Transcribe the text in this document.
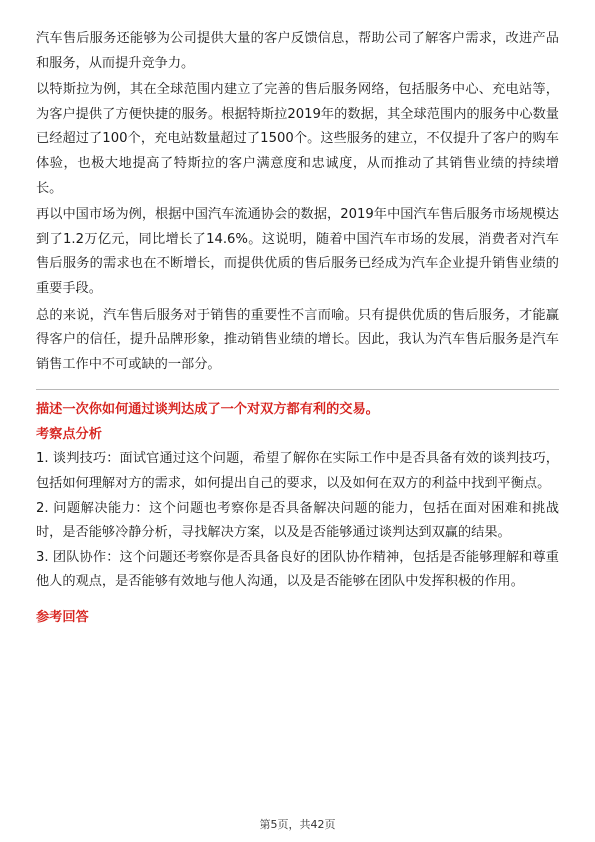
汽车售后服务还能够为公司提供大量的客户反馈信息，帮助公司了解客户需求，改进产品和服务，从而提升竞争力。

以特斯拉为例，其在全球范围内建立了完善的售后服务网络，包括服务中心、充电站等，为客户提供了方便快捷的服务。根据特斯拉2019年的数据，其全球范围内的服务中心数量已经超过了100个，充电站数量超过了1500个。这些服务的建立，不仅提升了客户的购车体验，也极大地提高了特斯拉的客户满意度和忠诚度，从而推动了其销售业绩的持续增长。

再以中国市场为例，根据中国汽车流通协会的数据，2019年中国汽车售后服务市场规模达到了1.2万亿元，同比增长了14.6%。这说明，随着中国汽车市场的发展，消费者对汽车售后服务的需求也在不断增长，而提供优质的售后服务已经成为汽车企业提升销售业绩的重要手段。

总的来说，汽车售后服务对于销售的重要性不言而喻。只有提供优质的售后服务，才能赢得客户的信任，提升品牌形象，推动销售业绩的增长。因此，我认为汽车售后服务是汽车销售工作中不可或缺的一部分。

描述一次你如何通过谈判达成了一个对双方都有利的交易。

考察点分析

1. 谈判技巧：面试官通过这个问题，希望了解你在实际工作中是否具备有效的谈判技巧，包括如何理解对方的需求，如何提出自己的要求，以及如何在双方的利益中找到平衡点。

2. 问题解决能力：这个问题也考察你是否具备解决问题的能力，包括在面对困难和挑战时，是否能够冷静分析，寻找解决方案，以及是否能够通过谈判达到双赢的结果。

3. 团队协作：这个问题还考察你是否具备良好的团队协作精神，包括是否能够理解和尊重他人的观点，是否能够有效地与他人沟通，以及是否能够在团队中发挥积极的作用。

参考回答

第5页，共42页
